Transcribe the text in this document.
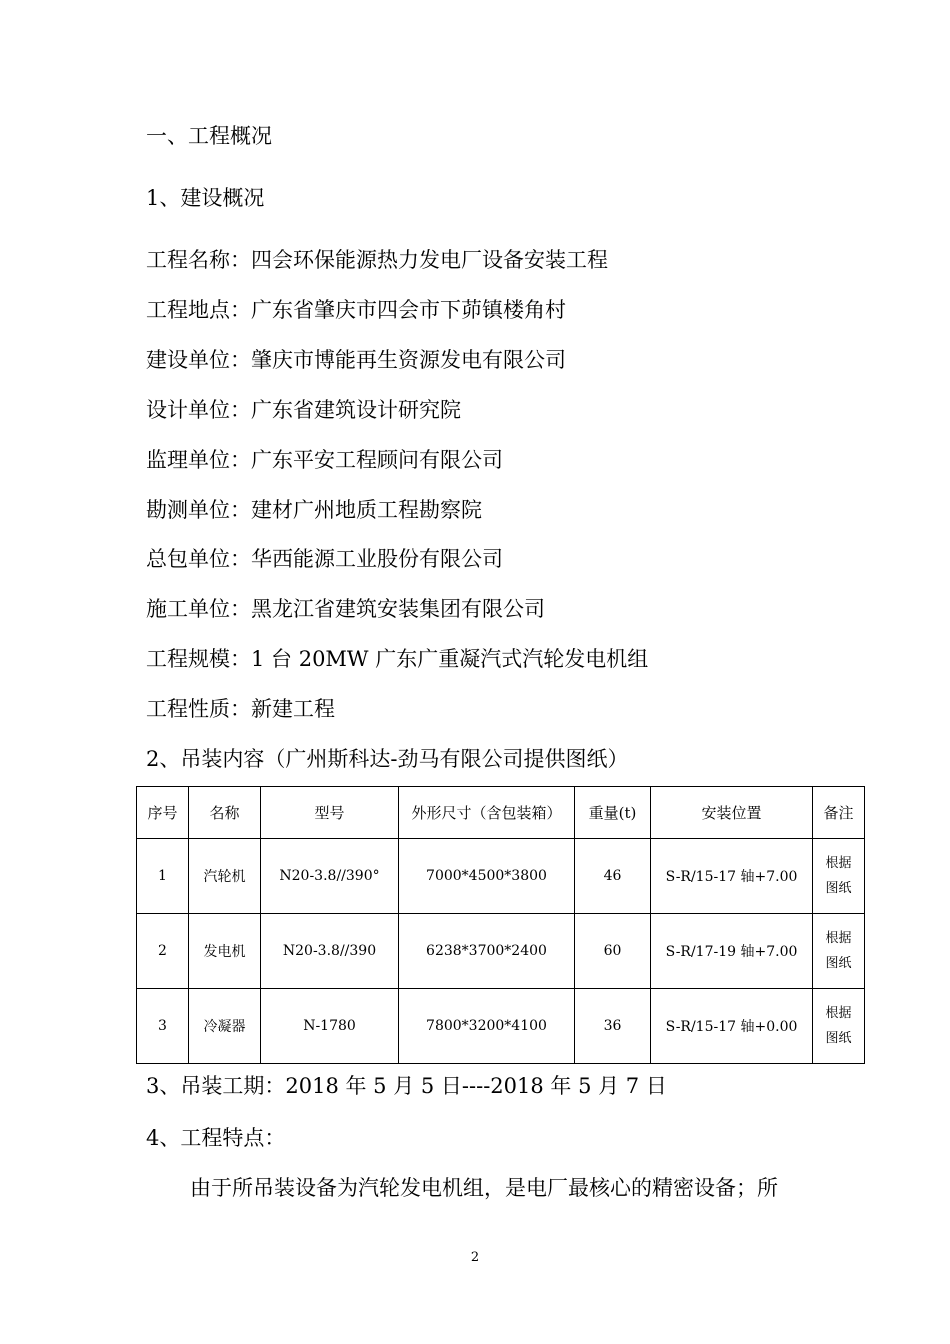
一、工程概况
1、建设概况
工程名称：四会环保能源热力发电厂设备安装工程
工程地点：广东省肇庆市四会市下茆镇楼角村
建设单位：肇庆市博能再生资源发电有限公司
设计单位：广东省建筑设计研究院
监理单位：广东平安工程顾问有限公司
勘测单位：建材广州地质工程勘察院
总包单位：华西能源工业股份有限公司
施工单位：黑龙江省建筑安装集团有限公司
工程规模：1 台 20MW 广东广重凝汽式汽轮发电机组
工程性质：新建工程
2、吊装内容（广州斯科达-劲马有限公司提供图纸）
序号	名称	型号	外形尺寸（含包装箱）	重量(t)	安装位置	备注
1	汽轮机	N20-3.8//390°	7000*4500*3800	46	S-R/15-17 轴+7.00	根据
图纸
2	发电机	N20-3.8//390	6238*3700*2400	60	S-R/17-19 轴+7.00	根据
图纸
3	冷凝器	N-1780	7800*3200*4100	36	S-R/15-17 轴+0.00	根据
图纸
3、吊装工期：2018 年 5 月 5 日----2018 年 5 月 7 日
4、工程特点：
由于所吊装设备为汽轮发电机组，是电厂最核心的精密设备；所
2
